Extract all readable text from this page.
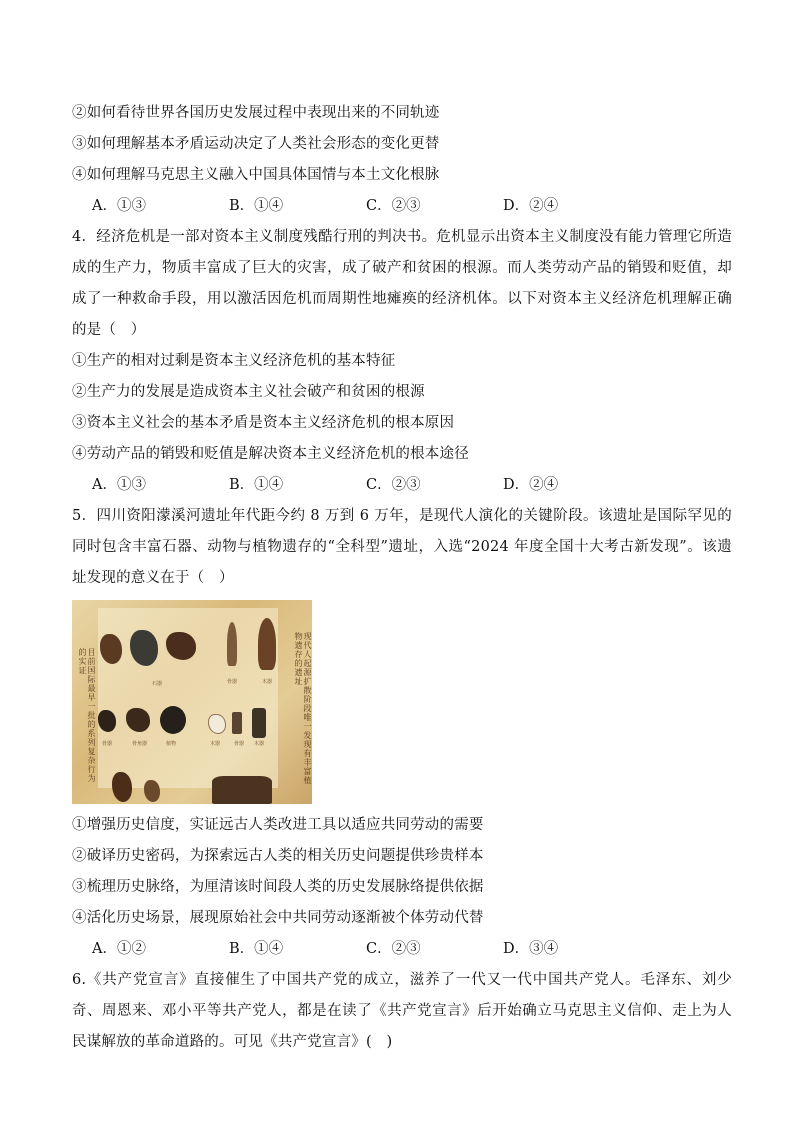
②如何看待世界各国历史发展过程中表现出来的不同轨迹
③如何理解基本矛盾运动决定了人类社会形态的变化更替
④如何理解马克思主义融入中国具体国情与本土文化根脉
A．①③	B．①④	C．②③	D．②④
4．经济危机是一部对资本主义制度残酷行刑的判决书。危机显示出资本主义制度没有能力管理它所造成的生产力，物质丰富成了巨大的灾害，成了破产和贫困的根源。而人类劳动产品的销毁和贬值，却成了一种救命手段，用以激活因危机而周期性地瘫痪的经济机体。以下对资本主义经济危机理解正确的是（　）
①生产的相对过剩是资本主义经济危机的基本特征
②生产力的发展是造成资本主义社会破产和贫困的根源
③资本主义社会的基本矛盾是资本主义经济危机的根本原因
④劳动产品的销毁和贬值是解决资本主义经济危机的根本途径
A．①③	B．①④	C．②③	D．②④
5．四川资阳濛溪河遗址年代距今约 8 万到 6 万年，是现代人演化的关键阶段。该遗址是国际罕见的同时包含丰富石器、动物与植物遗存的“全科型”遗址，入选“2024 年度全国十大考古新发现”。该遗址发现的意义在于（　）
目前国际最早一批的系列复杂行为的实证	现代人起源扩散阶段唯一发现有丰富植物遗存的遗址
石器	骨器	木器
骨器	骨角器	植物	木器	骨器 木器
①增强历史信度，实证远古人类改进工具以适应共同劳动的需要
②破译历史密码，为探索远古人类的相关历史问题提供珍贵样本
③梳理历史脉络，为厘清该时间段人类的历史发展脉络提供依据
④活化历史场景，展现原始社会中共同劳动逐渐被个体劳动代替
A．①②	B．①④	C．②③	D．③④
6.《共产党宣言》直接催生了中国共产党的成立，滋养了一代又一代中国共产党人。毛泽东、刘少奇、周恩来、邓小平等共产党人，都是在读了《共产党宣言》后开始确立马克思主义信仰、走上为人民谋解放的革命道路的。可见《共产党宣言》(　)
